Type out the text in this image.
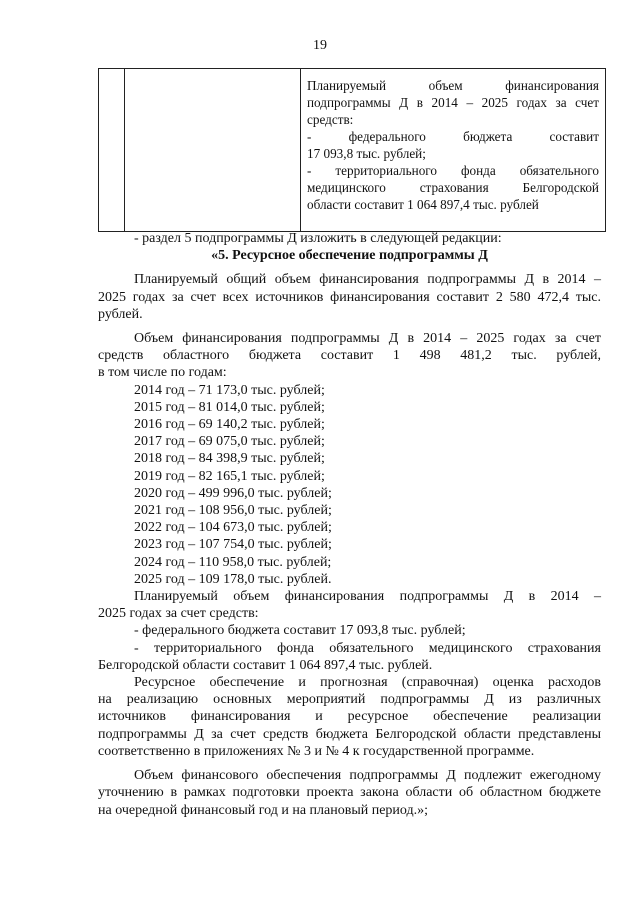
19
Планируемый объем финансирования
подпрограммы Д в 2014 – 2025 годах за счет
средств:
- федерального бюджета составит
17 093,8 тыс. рублей;
- территориального фонда обязательного
медицинского страхования Белгородской
области составит 1 064 897,4 тыс. рублей

- раздел 5 подпрограммы Д изложить в следующей редакции:

«5. Ресурсное обеспечение подпрограммы Д

Планируемый общий объем финансирования подпрограммы Д в 2014 –

2025 годах за счет всех источников финансирования составит 2 580 472,4 тыс.

рублей.

Объем финансирования подпрограммы Д в 2014 – 2025 годах за счет

средств областного бюджета составит 1 498 481,2 тыс. рублей,

в том числе по годам:

2014 год – 71 173,0 тыс. рублей;

2015 год – 81 014,0 тыс. рублей;

2016 год – 69 140,2 тыс. рублей;

2017 год – 69 075,0 тыс. рублей;

2018 год – 84 398,9 тыс. рублей;

2019 год – 82 165,1 тыс. рублей;

2020 год – 499 996,0 тыс. рублей;

2021 год – 108 956,0 тыс. рублей;

2022 год – 104 673,0 тыс. рублей;

2023 год – 107 754,0 тыс. рублей;

2024 год – 110 958,0 тыс. рублей;

2025 год – 109 178,0 тыс. рублей.

Планируемый объем финансирования подпрограммы Д в 2014 –

2025 годах за счет средств:

- федерального бюджета составит 17 093,8 тыс. рублей;

- территориального фонда обязательного медицинского страхования

Белгородской области составит 1 064 897,4 тыс. рублей.

Ресурсное обеспечение и прогнозная (справочная) оценка расходов

на реализацию основных мероприятий подпрограммы Д из различных

источников финансирования и ресурсное обеспечение реализации

подпрограммы Д за счет средств бюджета Белгородской области представлены

соответственно в приложениях № 3 и № 4 к государственной программе.

Объем финансового обеспечения подпрограммы Д подлежит ежегодному

уточнению в рамках подготовки проекта закона области об областном бюджете

на очередной финансовый год и на плановый период.»;
